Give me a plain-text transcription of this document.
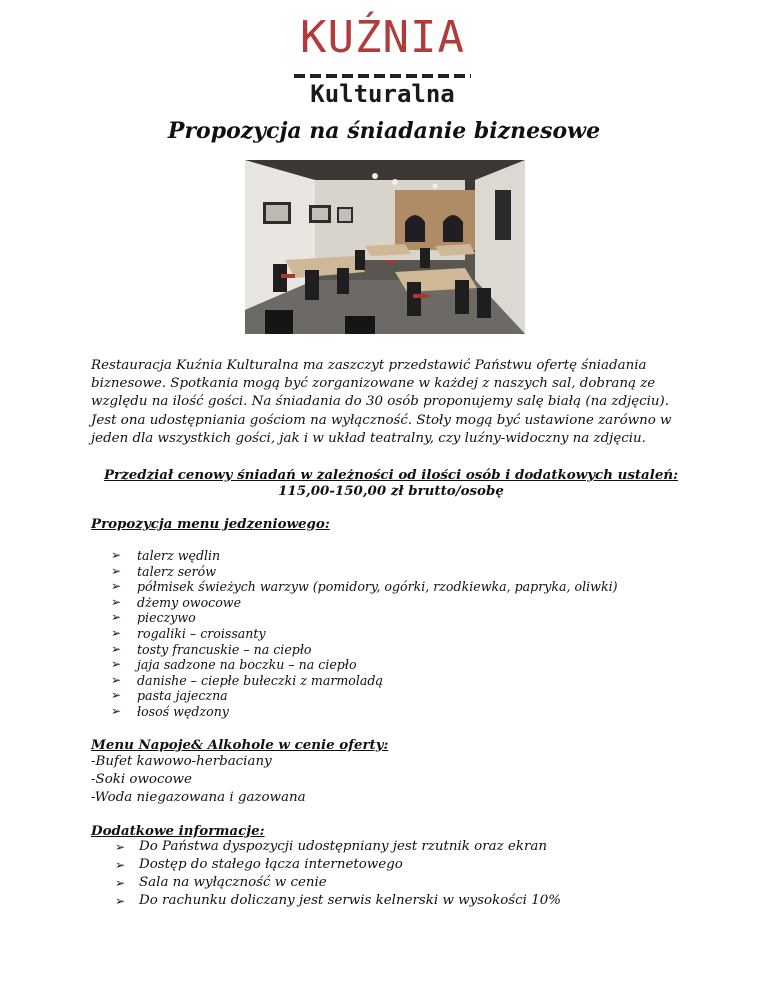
KUŹNIA
Kulturalna
Propozycja na śniadanie biznesowe

Restauracja Kuźnia Kulturalna ma zaszczyt przedstawić Państwu ofertę śniadania

biznesowe. Spotkania mogą być zorganizowane w każdej z naszych sal, dobraną ze

względu na ilość gości. Na śniadania do 30 osób proponujemy salę białą (na zdjęciu).

Jest ona udostępniania gościom na wyłączność. Stoły mogą być ustawione zarówno w

jeden dla wszystkich gości, jak i w układ teatralny, czy luźny-widoczny na zdjęciu.

Przedział cenowy śniadań w zależności od ilości osób i dodatkowych ustaleń:
115,00-150,00 zł brutto/osobę
Propozycja menu jedzeniowego:
➢ talerz wędlin
➢ talerz serów
➢ półmisek świeżych warzyw (pomidory, ogórki, rzodkiewka, papryka, oliwki)
➢ dżemy owocowe
➢ pieczywo
➢ rogaliki – croissanty
➢ tosty francuskie – na ciepło
➢ jaja sadzone na boczku – na ciepło
➢ danishe – ciepłe bułeczki z marmoladą
➢ pasta jajeczna
➢ łosoś wędzony
Menu Napoje& Alkohole w cenie oferty:
-Bufet kawowo-herbaciany
-Soki owocowe
-Woda niegazowana i gazowana
Dodatkowe informacje:
➢ Do Państwa dyspozycji udostępniany jest rzutnik oraz ekran
➢ Dostęp do stałego łącza internetowego
➢ Sala na wyłączność w cenie
➢ Do rachunku doliczany jest serwis kelnerski w wysokości 10%
